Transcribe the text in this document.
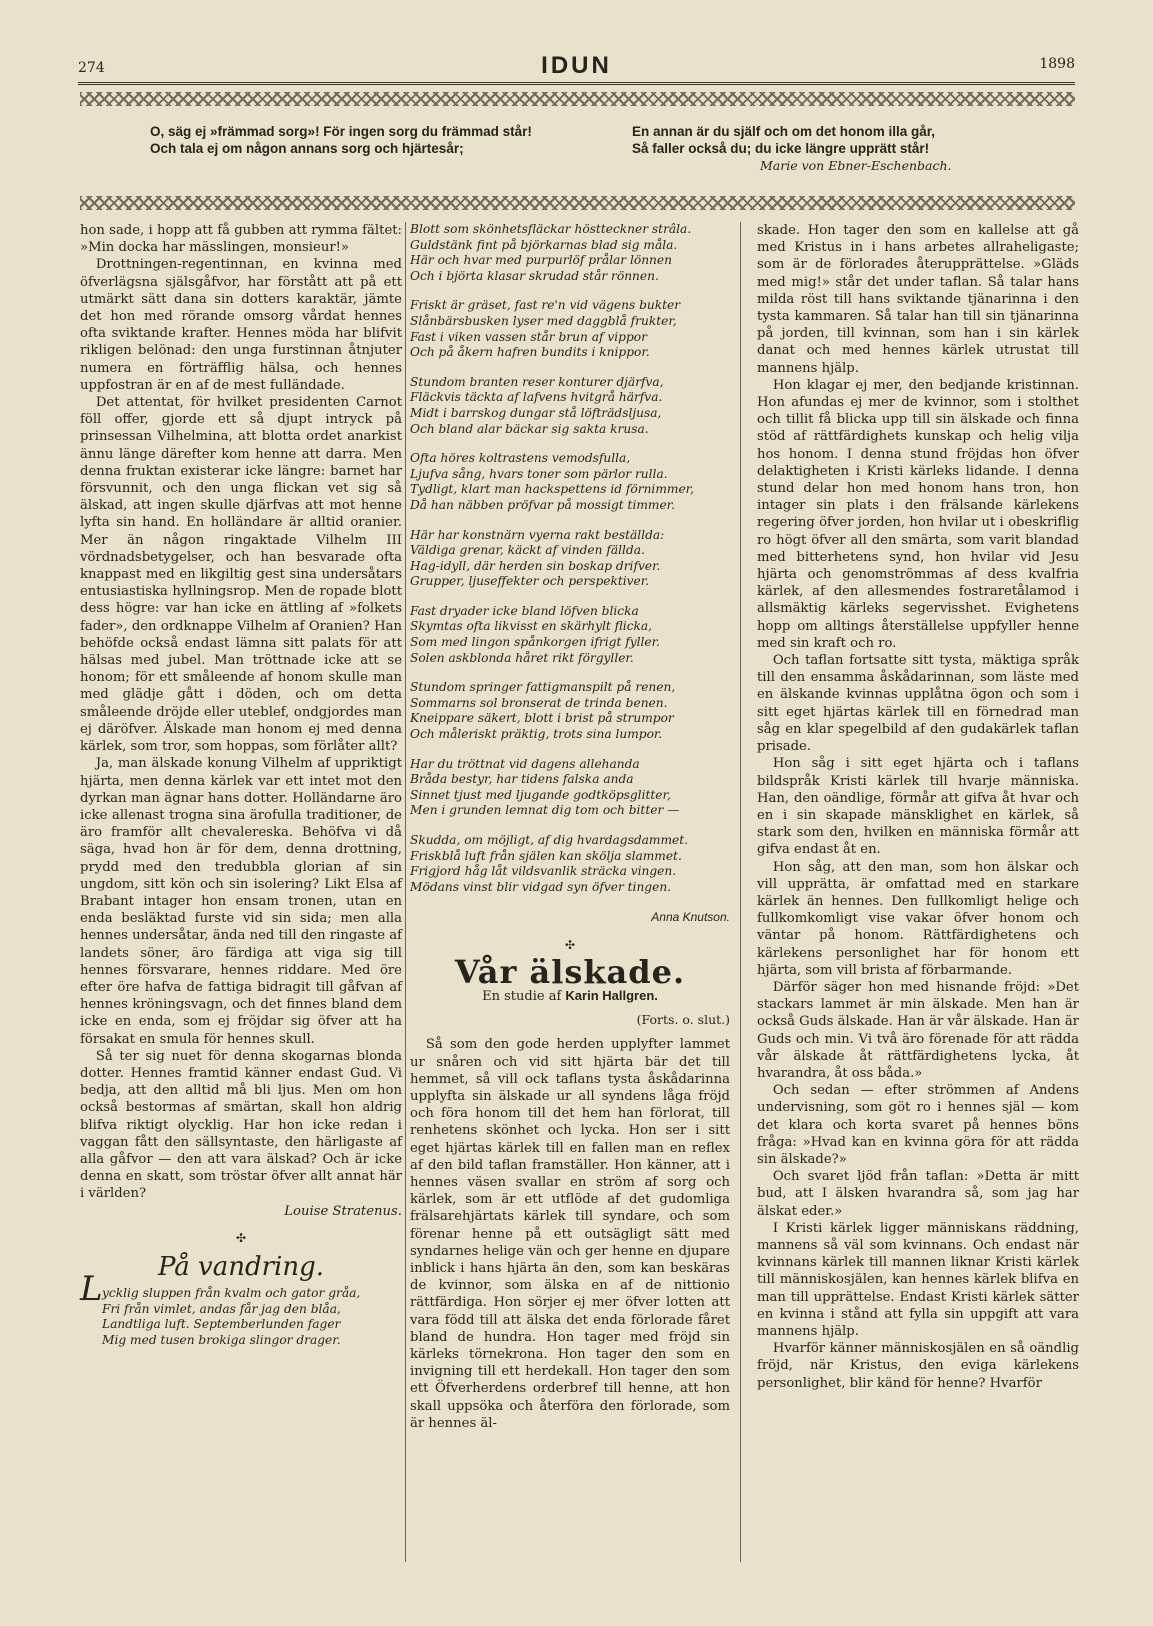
274	IDUN	1898
O, säg ej »främmad sorg»! För ingen sorg du främmad står!
Och tala ej om någon annans sorg och hjärtesår;
En annan är du själf och om det honom illa går,
Så faller också du; du icke längre upprätt står!
Marie von Ebner-Eschenbach.

hon sade, i hopp att få gubben att rymma fältet: »Min docka har mässlingen, monsieur!»

Drottningen-regentinnan, en kvinna med öfverlägsna själsgåfvor, har förstått att på ett utmärkt sätt dana sin dotters karaktär, jämte det hon med rörande omsorg vårdat hennes ofta sviktande krafter. Hennes möda har blifvit rikligen belönad: den unga furstinnan åtnjuter numera en förträfflig hälsa, och hennes uppfostran är en af de mest fulländade.

Det attentat, för hvilket presidenten Carnot föll offer, gjorde ett så djupt intryck på prinsessan Vilhelmina, att blotta ordet anarkist ännu länge därefter kom henne att darra. Men denna fruktan existerar icke längre: barnet har försvunnit, och den unga flickan vet sig så älskad, att ingen skulle djärfvas att mot henne lyfta sin hand. En holländare är alltid oranier. Mer än någon ringaktade Vilhelm III vördnadsbetygelser, och han besvarade ofta knappast med en likgiltig gest sina undersåtars entusiastiska hyllningsrop. Men de ropade blott dess högre: var han icke en ättling af »folkets fader», den ordknappe Vilhelm af Oranien? Han behöfde också endast lämna sitt palats för att hälsas med jubel. Man tröttnade icke att se honom; för ett småleende af honom skulle man med glädje gått i döden, och om detta småleende dröjde eller uteblef, ondgjordes man ej däröfver. Älskade man honom ej med denna kärlek, som tror, som hoppas, som förlåter allt?

Ja, man älskade konung Vilhelm af uppriktigt hjärta, men denna kärlek var ett intet mot den dyrkan man ägnar hans dotter. Holländarne äro icke allenast trogna sina ärofulla traditioner, de äro framför allt chevalereska. Behöfva vi då säga, hvad hon är för dem, denna drottning, prydd med den tredubbla glorian af sin ungdom, sitt kön och sin isolering? Likt Elsa af Brabant intager hon ensam tronen, utan en enda besläktad furste vid sin sida; men alla hennes undersåtar, ända ned till den ringaste af landets söner, äro färdiga att viga sig till hennes försvarare, hennes riddare. Med öre efter öre hafva de fattiga bidragit till gåfvan af hennes kröningsvagn, och det finnes bland dem icke en enda, som ej fröjdar sig öfver att ha försakat en smula för hennes skull.

Så ter sig nuet för denna skogarnas blonda dotter. Hennes framtid känner endast Gud. Vi bedja, att den alltid må bli ljus. Men om hon också bestormas af smärtan, skall hon aldrig blifva riktigt olycklig. Har hon icke redan i vaggan fått den sällsyntaste, den härligaste af alla gåfvor — den att vara älskad? Och är icke denna en skatt, som tröstar öfver allt annat här i världen?

Louise Stratenus.
✣
På vandring.
L ycklig sluppen från kvalm och gator gråa,
Fri från vimlet, andas får jag den blåa,
Landtliga luft. Septemberlunden fager
Mig med tusen brokiga slingor drager.
Blott som skönhetsfläckar höstteckner strâla.
Guldstänk fint på björkarnas blad sig måla.
Här och hvar med purpurlöf prålar lönnen
Och i björta klasar skrudad står rönnen.
Friskt är gräset, fast re'n vid vägens bukter
Slånbärsbusken lyser med daggblå frukter,
Fast i viken vassen står brun af vippor
Och på åkern hafren bundits i knippor.
Stundom branten reser konturer djärfva,
Fläckvis täckta af lafvens hvitgrå härfva.
Midt i barrskog dungar stå löfträdsljusa,
Och bland alar bäckar sig sakta krusa.
Ofta höres koltrastens vemodsfulla,
Ljufva sång, hvars toner som pärlor rulla.
Tydligt, klart man hackspettens id förnimmer,
Då han näbben pröfvar på mossigt timmer.
Här har konstnärn vyerna rakt beställda:
Väldiga grenar, käckt af vinden fällda.
Hag-idyll, där herden sin boskap drifver.
Grupper, ljuseffekter och perspektiver.
Fast dryader icke bland löfven blicka
Skymtas ofta likvisst en skärhylt flicka,
Som med lingon spånkorgen ifrigt fyller.
Solen askblonda håret rikt förgyller.
Stundom springer fattigmanspilt på renen,
Sommarns sol bronserat de trinda benen.
Kneippare säkert, blott i brist på strumpor
Och måleriskt präktig, trots sina lumpor.
Har du tröttnat vid dagens allehanda
Bråda bestyr, har tidens falska anda
Sinnet tjust med ljugande godtköpsglitter,
Men i grunden lemnat dig tom och bitter —
Skudda, om möjligt, af dig hvardagsdammet.
Friskblå luft från själen kan skölja slammet.
Frigjord håg låt vildsvanlik sträcka vingen.
Mödans vinst blir vidgad syn öfver tingen.
Anna Knutson.
✣
Vår älskade.
En studie af Karin Hallgren.
(Forts. o. slut.)

Så som den gode herden upplyfter lammet ur snåren och vid sitt hjärta bär det till hemmet, så vill ock taflans tysta åskådarinna upplyfta sin älskade ur all syndens låga fröjd och föra honom till det hem han förlorat, till renhetens skönhet och lycka. Hon ser i sitt eget hjärtas kärlek till en fallen man en reflex af den bild taflan framställer. Hon känner, att i hennes väsen svallar en ström af sorg och kärlek, som är ett utflöde af det gudomliga frälsarehjärtats kärlek till syndare, och som förenar henne på ett outsägligt sätt med syndarnes helige vän och ger henne en djupare inblick i hans hjärta än den, som kan beskäras de kvinnor, som älska en af de nittionio rättfärdiga. Hon sörjer ej mer öfver lotten att vara född till att älska det enda förlorade fåret bland de hundra. Hon tager med fröjd sin kärleks törnekrona. Hon tager den som en invigning till ett herdekall. Hon tager den som ett Öfverherdens orderbref till henne, att hon skall uppsöka och återföra den förlorade, som är hennes äl-

skade. Hon tager den som en kallelse att gå med Kristus in i hans arbetes allraheligaste; som är de förlorades återupprättelse. »Gläds med mig!» står det under taflan. Så talar hans milda röst till hans sviktande tjänarinna i den tysta kammaren. Så talar han till sin tjänarinna på jorden, till kvinnan, som han i sin kärlek danat och med hennes kärlek utrustat till mannens hjälp.

Hon klagar ej mer, den bedjande kristinnan. Hon afundas ej mer de kvinnor, som i stolthet och tillit få blicka upp till sin älskade och finna stöd af rättfärdighets kunskap och helig vilja hos honom. I denna stund fröjdas hon öfver delaktigheten i Kristi kärleks lidande. I denna stund delar hon med honom hans tron, hon intager sin plats i den frälsande kärlekens regering öfver jorden, hon hvilar ut i obeskriflig ro högt öfver all den smärta, som varit blandad med bitterhetens synd, hon hvilar vid Jesu hjärta och genomströmmas af dess kvalfria kärlek, af den allesmendes fostraretålamod i allsmäktig kärleks segervisshet. Evighetens hopp om alltings återställelse uppfyller henne med sin kraft och ro.

Och taflan fortsatte sitt tysta, mäktiga språk till den ensamma åskådarinnan, som läste med en älskande kvinnas upplåtna ögon och som i sitt eget hjärtas kärlek till en förnedrad man såg en klar spegelbild af den gudakärlek taflan prisade.

Hon såg i sitt eget hjärta och i taflans bildspråk Kristi kärlek till hvarje människa. Han, den oändlige, förmår att gifva åt hvar och en i sin skapade mänsklighet en kärlek, så stark som den, hvilken en människa förmår att gifva endast åt en.

Hon såg, att den man, som hon älskar och vill upprätta, är omfattad med en starkare kärlek än hennes. Den fullkomligt helige och fullkomkomligt vise vakar öfver honom och väntar på honom. Rättfärdighetens och kärlekens personlighet har för honom ett hjärta, som vill brista af förbarmande.

Därför säger hon med hisnande fröjd: »Det stackars lammet är min älskade. Men han är också Guds älskade. Han är vår älskade. Han är Guds och min. Vi två äro förenade för att rädda vår älskade åt rättfärdighetens lycka, åt hvarandra, åt oss båda.»

Och sedan — efter strömmen af Andens undervisning, som göt ro i hennes själ — kom det klara och korta svaret på hennes böns fråga: »Hvad kan en kvinna göra för att rädda sin älskade?»

Och svaret ljöd från taflan: »Detta är mitt bud, att I älsken hvarandra så, som jag har älskat eder.»

I Kristi kärlek ligger människans räddning, mannens så väl som kvinnans. Och endast när kvinnans kärlek till mannen liknar Kristi kärlek till människosjälen, kan hennes kärlek blifva en man till upprättelse. Endast Kristi kärlek sätter en kvinna i stånd att fylla sin uppgift att vara mannens hjälp.

Hvarför känner människosjälen en så oändlig fröjd, när Kristus, den eviga kärlekens personlighet, blir känd för henne? Hvarför
